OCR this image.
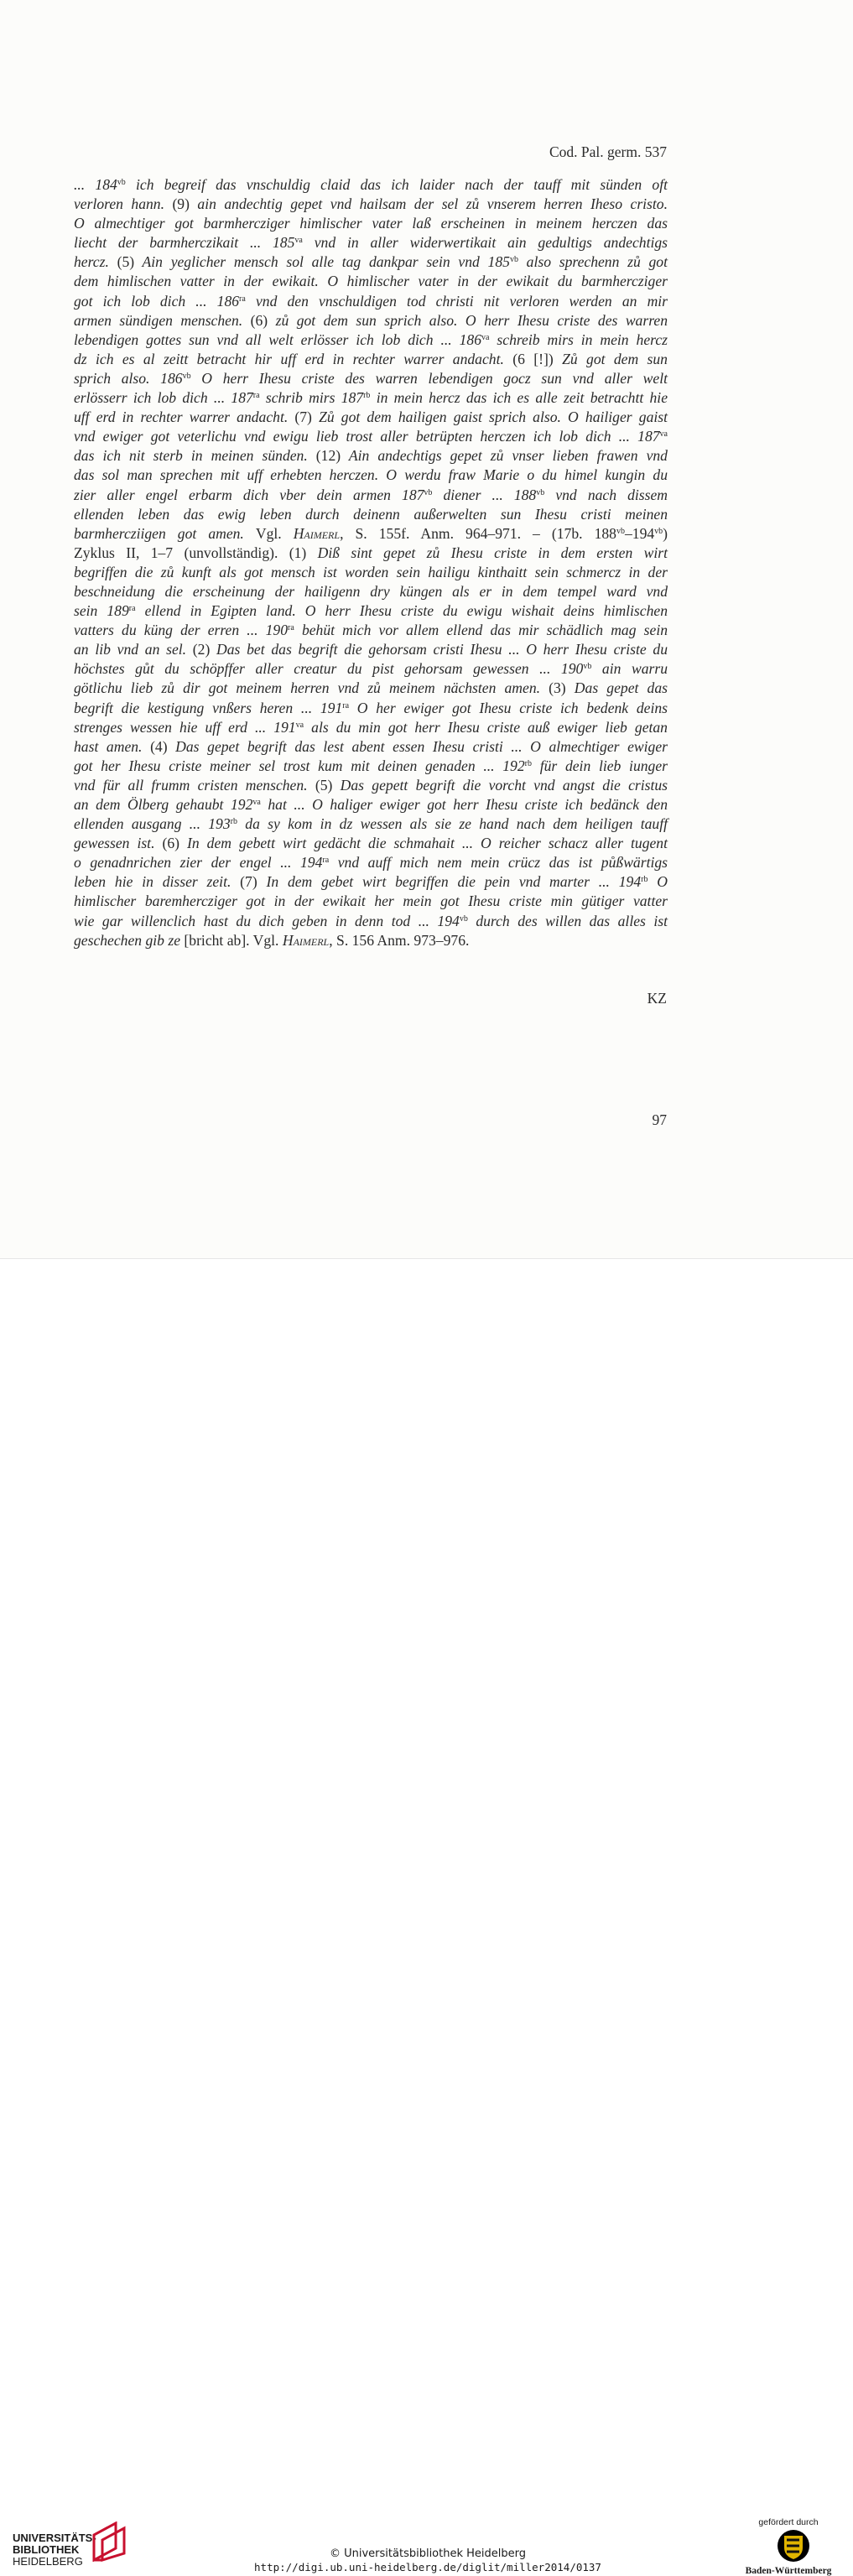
Cod. Pal. germ. 537
... $184^{vb}$ ich begreif das vnschuldig claid das ich laider nach der tauff mit sünden oft
verloren hann. (9) ain andechtig gepet vnd hailsam der sel zů vnserem herren Iheso cristo.
O almechtiger got barmhercziger himlischer vater laß erscheinen in meinem herczen das
liecht der barmherczikait ... $185^{va}$ vnd in aller widerwertikait ain gedultigs andechtigs
hercz. (5) Ain yeglicher mensch sol alle tag dankpar sein vnd $185^{vb}$ also sprechenn zů got
dem himlischen vatter in der ewikait. O himlischer vater in der ewikait du barmhercziger
got ich lob dich ... $186^{ra}$ vnd den vnschuldigen tod christi nit verloren werden an mir
armen sündigen menschen. (6) zů got dem sun sprich also. O herr Ihesu criste des warren
lebendigen gottes sun vnd all welt erlösser ich lob dich ... $186^{va}$ schreib mirs in mein hercz
dz ich es al zeitt betracht hir uff erd in rechter warrer andacht. (6 [!]) Zů got dem sun
sprich also. $186^{vb}$ O herr Ihesu criste des warren lebendigen gocz sun vnd aller welt
erlösserr ich lob dich ... $187^{ra}$ schrib mirs $187^{rb}$ in mein hercz das ich es alle zeit betrachtt hie
uff erd in rechter warrer andacht. (7) Zů got dem hailigen gaist sprich also. O hailiger gaist
vnd ewiger got veterlichu vnd ewigu lieb trost aller betrüpten herczen ich lob dich ... $187^{va}$
das ich nit sterb in meinen sünden. (12) Ain andechtigs gepet zů vnser lieben frawen vnd
das sol man sprechen mit uff erhebten herczen. O werdu fraw Marie o du himel kungin du
zier aller engel erbarm dich vber dein armen $187^{vb}$ diener ... $188^{vb}$ vnd nach dissem
ellenden leben das ewig leben durch deinenn außerwelten sun Ihesu cristi meinen
barmhercziigen got amen. Vgl. Haimerl, S. 155f. Anm. 964–971. – (17b. $188^{vb}-194^{vb}$)
Zyklus II, 1–7 (unvollständig). (1) Diß sint gepet zů Ihesu criste in dem ersten wirt
begriffen die zů kunft als got mensch ist worden sein hailigu kinthaitt sein schmercz in der
beschneidung die erscheinung der hailigenn dry küngen als er in dem tempel ward vnd
sein $189^{ra}$ ellend in Egipten land. O herr Ihesu criste du ewigu wishait deins himlischen
vatters du küng der erren ... $190^{ra}$ behüt mich vor allem ellend das mir schädlich mag sein
an lib vnd an sel. (2) Das bet das begrift die gehorsam cristi Ihesu ... O herr Ihesu criste du
höchstes gůt du schöpffer aller creatur du pist gehorsam gewessen ... $190^{vb}$ ain warru
götlichu lieb zů dir got meinem herren vnd zů meinem nächsten amen. (3) Das gepet das
begrift die kestigung vnßers heren ... $191^{ra}$ O her ewiger got Ihesu criste ich bedenk deins
strenges wessen hie uff erd ... $191^{va}$ als du min got herr Ihesu criste auß ewiger lieb getan
hast amen. (4) Das gepet begrift das lest abent essen Ihesu cristi ... O almechtiger ewiger
got her Ihesu criste meiner sel trost kum mit deinen genaden ... $192^{rb}$ für dein lieb iunger
vnd für all frumm cristen menschen. (5) Das gepett begrift die vorcht vnd angst die cristus
an dem Ölberg gehaubt $192^{va}$ hat ... O haliger ewiger got herr Ihesu criste ich bedänck den
ellenden ausgang ... $193^{rb}$ da sy kom in dz wessen als sie ze hand nach dem heiligen tauff
gewessen ist. (6) In dem gebett wirt gedächt die schmahait ... O reicher schacz aller tugent
o genadnrichen zier der engel ... $194^{ra}$ vnd auff mich nem mein crücz das ist půßwärtigs
leben hie in disser zeit. (7) In dem gebet wirt begriffen die pein vnd marter ... $194^{rb}$ O
himlischer baremhercziger got in der ewikait her mein got Ihesu criste min gütiger vatter
wie gar willenclich hast du dich geben in denn tod ... $194^{vb}$ durch des willen das alles ist
geschechen gib ze [bricht ab]. Vgl. Haimerl, S. 156 Anm. 973–976.
KZ
97
UNIVERSITÄTS-
BIBLIOTHEK
HEIDELBERG
© Universitätsbibliothek Heidelberg
http://digi.ub.uni-heidelberg.de/diglit/miller2014/0137
gefördert durch
Baden-Württemberg
